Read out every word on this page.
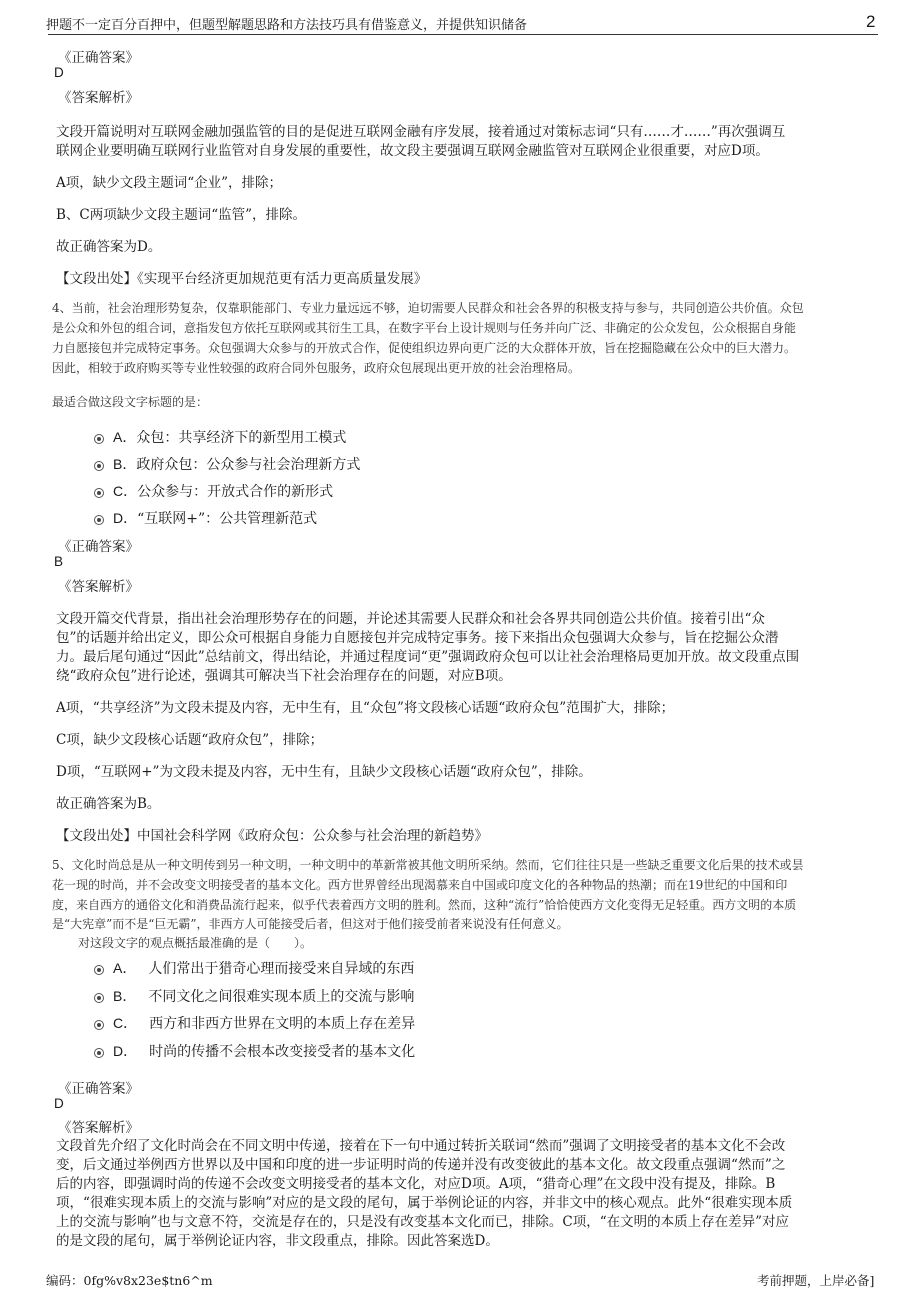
押题不一定百分百押中，但题型解题思路和方法技巧具有借鉴意义，并提供知识储备	2
《正确答案》
D
《答案解析》
文段开篇说明对互联网金融加强监管的目的是促进互联网金融有序发展，接着通过对策标志词“只有……才……”再次强调互
联网企业要明确互联网行业监管对自身发展的重要性，故文段主要强调互联网金融监管对互联网企业很重要，对应D项。
A项，缺少文段主题词“企业”，排除；
B、C两项缺少文段主题词“监管”，排除。
故正确答案为D。
【文段出处】《实现平台经济更加规范更有活力更高质量发展》
4、当前，社会治理形势复杂，仅靠职能部门、专业力量远远不够，迫切需要人民群众和社会各界的积极支持与参与，共同创造公共价值。众包
是公众和外包的组合词，意指发包方依托互联网或其衍生工具，在数字平台上设计规则与任务并向广泛、非确定的公众发包，公众根据自身能
力自愿接包并完成特定事务。众包强调大众参与的开放式合作，促使组织边界向更广泛的大众群体开放，旨在挖掘隐藏在公众中的巨大潜力。
因此，相较于政府购买等专业性较强的政府合同外包服务，政府众包展现出更开放的社会治理格局。
最适合做这段文字标题的是：
A． 众包：共享经济下的新型用工模式
B． 政府众包：公众参与社会治理新方式
C． 公众参与：开放式合作的新形式
D． “互联网+”：公共管理新范式
《正确答案》
B
《答案解析》
文段开篇交代背景，指出社会治理形势存在的问题，并论述其需要人民群众和社会各界共同创造公共价值。接着引出“众
包”的话题并给出定义，即公众可根据自身能力自愿接包并完成特定事务。接下来指出众包强调大众参与，旨在挖掘公众潜
力。最后尾句通过“因此”总结前文，得出结论，并通过程度词“更”强调政府众包可以让社会治理格局更加开放。故文段重点围
绕“政府众包”进行论述，强调其可解决当下社会治理存在的问题，对应B项。
A项，“共享经济”为文段未提及内容，无中生有，且“众包”将文段核心话题“政府众包”范围扩大，排除；
C项，缺少文段核心话题“政府众包”，排除；
D项，“互联网+”为文段未提及内容，无中生有，且缺少文段核心话题“政府众包”，排除。
故正确答案为B。
【文段出处】中国社会科学网《政府众包：公众参与社会治理的新趋势》
5、文化时尚总是从一种文明传到另一种文明，一种文明中的革新常被其他文明所采纳。然而，它们往往只是一些缺乏重要文化后果的技术或昙
花一现的时尚，并不会改变文明接受者的基本文化。西方世界曾经出现渴慕来自中国或印度文化的各种物品的热潮；而在19世纪的中国和印
度，来自西方的通俗文化和消费品流行起来，似乎代表着西方文明的胜利。然而，这种“流行”恰恰使西方文化变得无足轻重。西方文明的本质
是“大宪章”而不是“巨无霸”，非西方人可能接受后者，但这对于他们接受前者来说没有任何意义。
对这段文字的观点概括最准确的是（　　）。
A． 人们常出于猎奇心理而接受来自异域的东西
B． 不同文化之间很难实现本质上的交流与影响
C． 西方和非西方世界在文明的本质上存在差异
D． 时尚的传播不会根本改变接受者的基本文化
《正确答案》
D
《答案解析》
文段首先介绍了文化时尚会在不同文明中传递，接着在下一句中通过转折关联词“然而”强调了文明接受者的基本文化不会改
变，后文通过举例西方世界以及中国和印度的进一步证明时尚的传递并没有改变彼此的基本文化。故文段重点强调“然而”之
后的内容，即强调时尚的传递不会改变文明接受者的基本文化，对应D项。A项，“猎奇心理”在文段中没有提及，排除。B
项，“很难实现本质上的交流与影响”对应的是文段的尾句，属于举例论证的内容，并非文中的核心观点。此外“很难实现本质
上的交流与影响”也与文意不符，交流是存在的，只是没有改变基本文化而已，排除。C项，“在文明的本质上存在差异”对应
的是文段的尾句，属于举例论证内容，非文段重点，排除。因此答案选D。
编码：0fg%v8x23e$tn6^m	考前押题，上岸必备]
